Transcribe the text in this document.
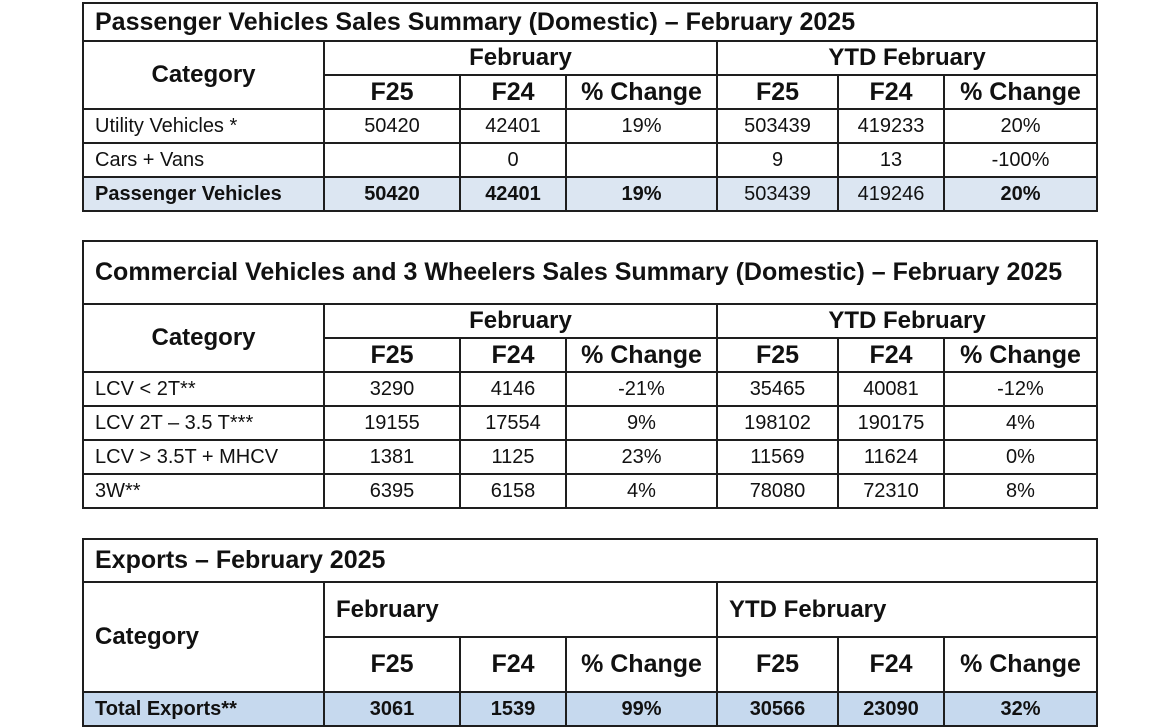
Passenger Vehicles Sales Summary (Domestic) – February 2025						
Category	February			YTD February		
	F25	F24	% Change	F25	F24	% Change
Utility Vehicles *	50420	42401	19%	503439	419233	20%
Cars + Vans		0		9	13	-100%
Passenger Vehicles	50420	42401	19%	503439	419246	20%
Commercial Vehicles and 3 Wheelers Sales Summary (Domestic) – February 2025						
Category	February			YTD February		
	F25	F24	% Change	F25	F24	% Change
LCV < 2T**	3290	4146	-21%	35465	40081	-12%
LCV 2T – 3.5 T***	19155	17554	9%	198102	190175	4%
LCV > 3.5T + MHCV	1381	1125	23%	11569	11624	0%
3W**	6395	6158	4%	78080	72310	8%
Exports – February 2025						
Category	February			YTD February		
	F25	F24	% Change	F25	F24	% Change
Total Exports**	3061	1539	99%	30566	23090	32%
